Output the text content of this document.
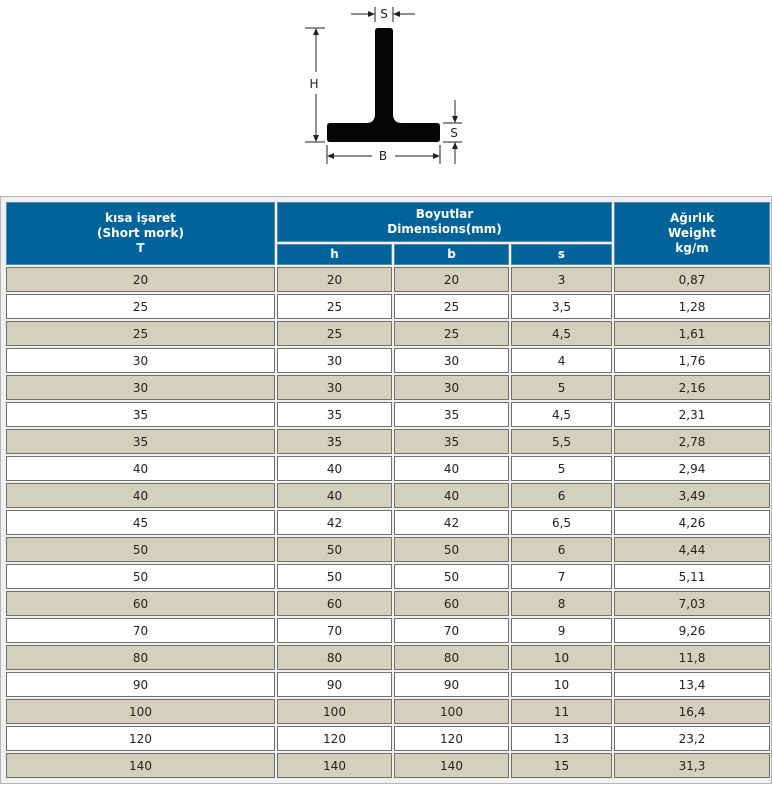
S
H
S
B
kısa işaret
(Short mork)
T	Boyutlar
Dimensions(mm)			Ağırlık
Weight
kg/m

	h	b	s	
20	20	20	3	0,87
25	25	25	3,5	1,28
25	25	25	4,5	1,61
30	30	30	4	1,76
30	30	30	5	2,16
35	35	35	4,5	2,31
35	35	35	5,5	2,78
40	40	40	5	2,94
40	40	40	6	3,49
45	42	42	6,5	4,26
50	50	50	6	4,44
50	50	50	7	5,11
60	60	60	8	7,03
70	70	70	9	9,26
80	80	80	10	11,8
90	90	90	10	13,4
100	100	100	11	16,4
120	120	120	13	23,2
140	140	140	15	31,3
